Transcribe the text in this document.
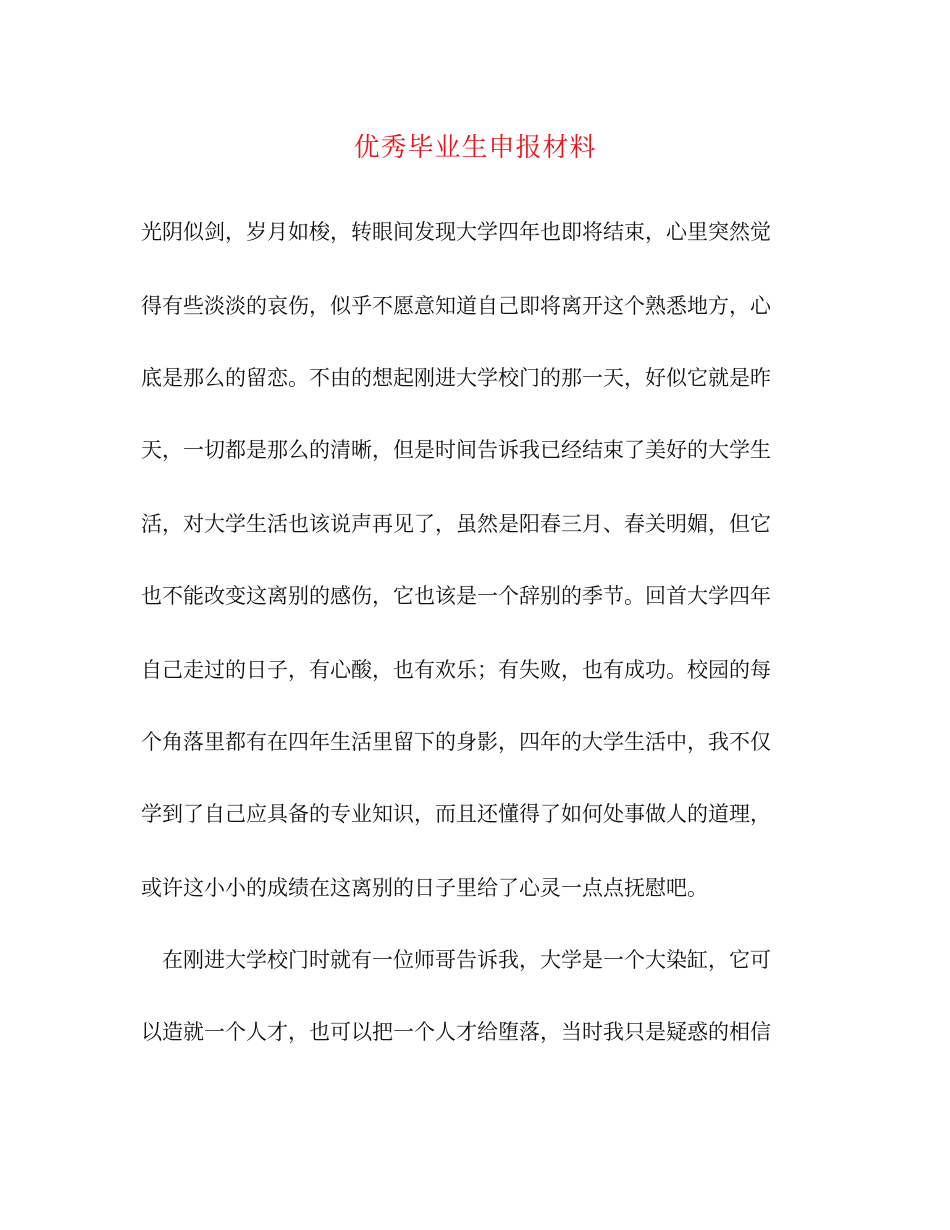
优秀毕业生申报材料

光阴似剑，岁月如梭，转眼间发现大学四年也即将结束，心里突然觉

得有些淡淡的哀伤，似乎不愿意知道自己即将离开这个熟悉地方，心

底是那么的留恋。不由的想起刚进大学校门的那一天，好似它就是昨

天，一切都是那么的清晰，但是时间告诉我已经结束了美好的大学生

活，对大学生活也该说声再见了，虽然是阳春三月、春关明媚，但它

也不能改变这离别的感伤，它也该是一个辞别的季节。回首大学四年

自己走过的日子，有心酸，也有欢乐；有失败，也有成功。校园的每

个角落里都有在四年生活里留下的身影，四年的大学生活中，我不仅

学到了自己应具备的专业知识，而且还懂得了如何处事做人的道理，

或许这小小的成绩在这离别的日子里给了心灵一点点抚慰吧。

　在刚进大学校门时就有一位师哥告诉我，大学是一个大染缸，它可

以造就一个人才，也可以把一个人才给堕落，当时我只是疑惑的相信
